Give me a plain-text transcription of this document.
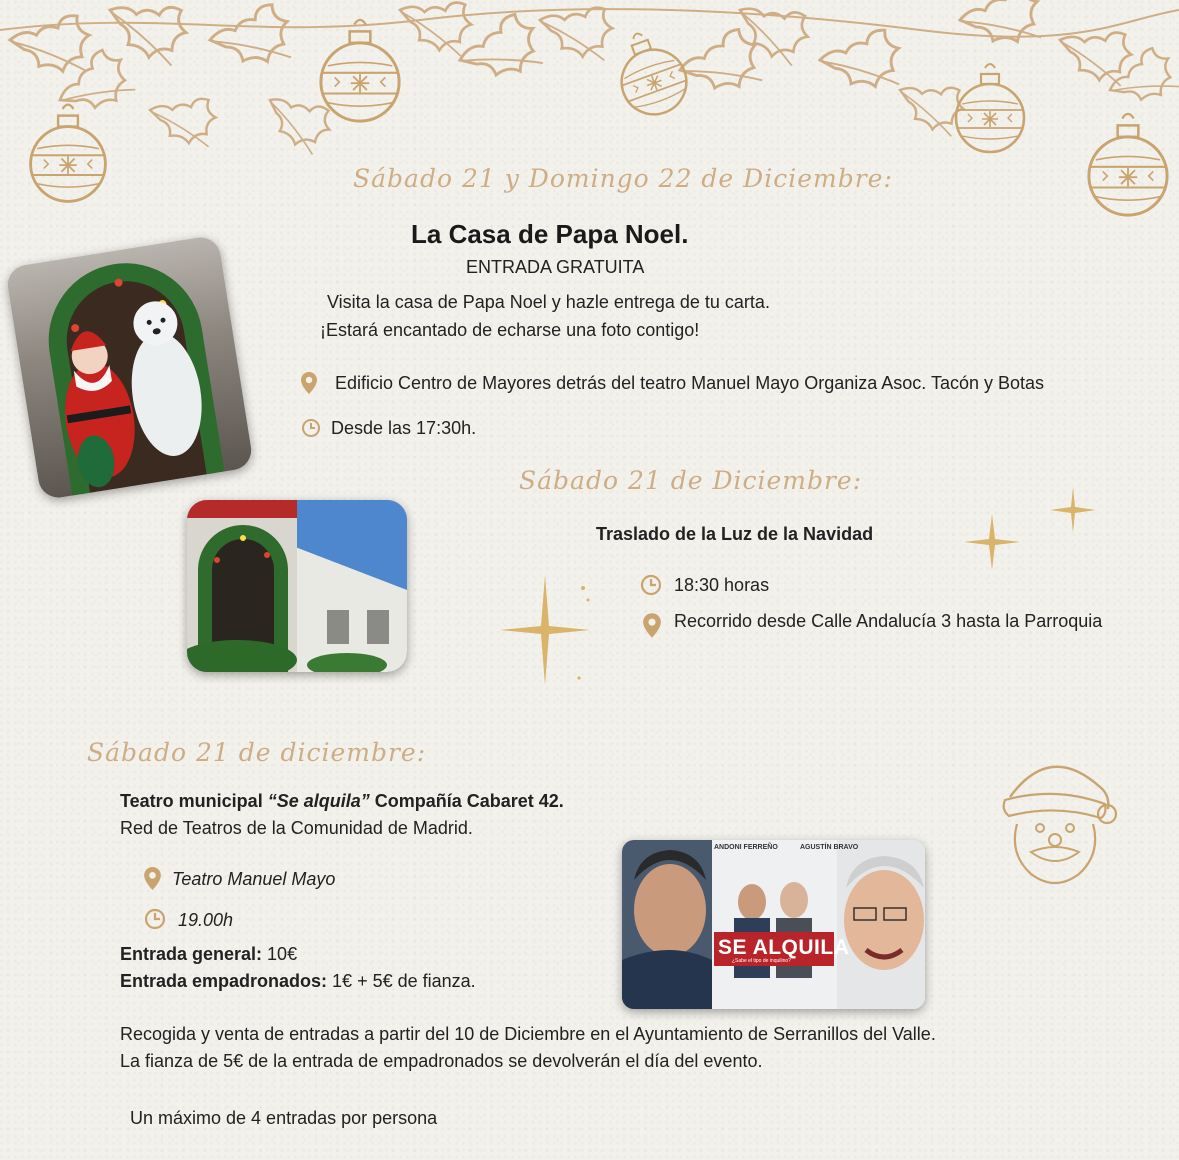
Sábado 21 y Domingo 22 de Diciembre:
La Casa de Papa Noel.
ENTRADA GRATUITA
Visita la casa de Papa Noel y hazle entrega de tu carta.
¡Estará encantado de echarse una foto contigo!
Edificio Centro de Mayores detrás del teatro Manuel Mayo Organiza Asoc. Tacón y Botas
Desde las 17:30h.
Sábado 21 de Diciembre:
Traslado de la Luz de la Navidad
18:30 horas
Recorrido desde Calle Andalucía 3 hasta la Parroquia
Sábado 21 de diciembre:
Teatro municipal “Se alquila” Compañía Cabaret 42.
Red de Teatros de la Comunidad de Madrid.
Teatro Manuel Mayo
19.00h
Entrada general: 10€
Entrada empadronados: 1€ + 5€ de fianza.
Recogida y venta de entradas a partir del 10 de Diciembre en el Ayuntamiento de Serranillos del Valle.
La fianza de 5€ de la entrada de empadronados se devolverán el día del evento.
Un máximo de 4 entradas por persona
ANDONI FERREÑO	AGUSTÍN BRAVO
SE ALQUILA
¿Sabe el tipo de inquilino?
